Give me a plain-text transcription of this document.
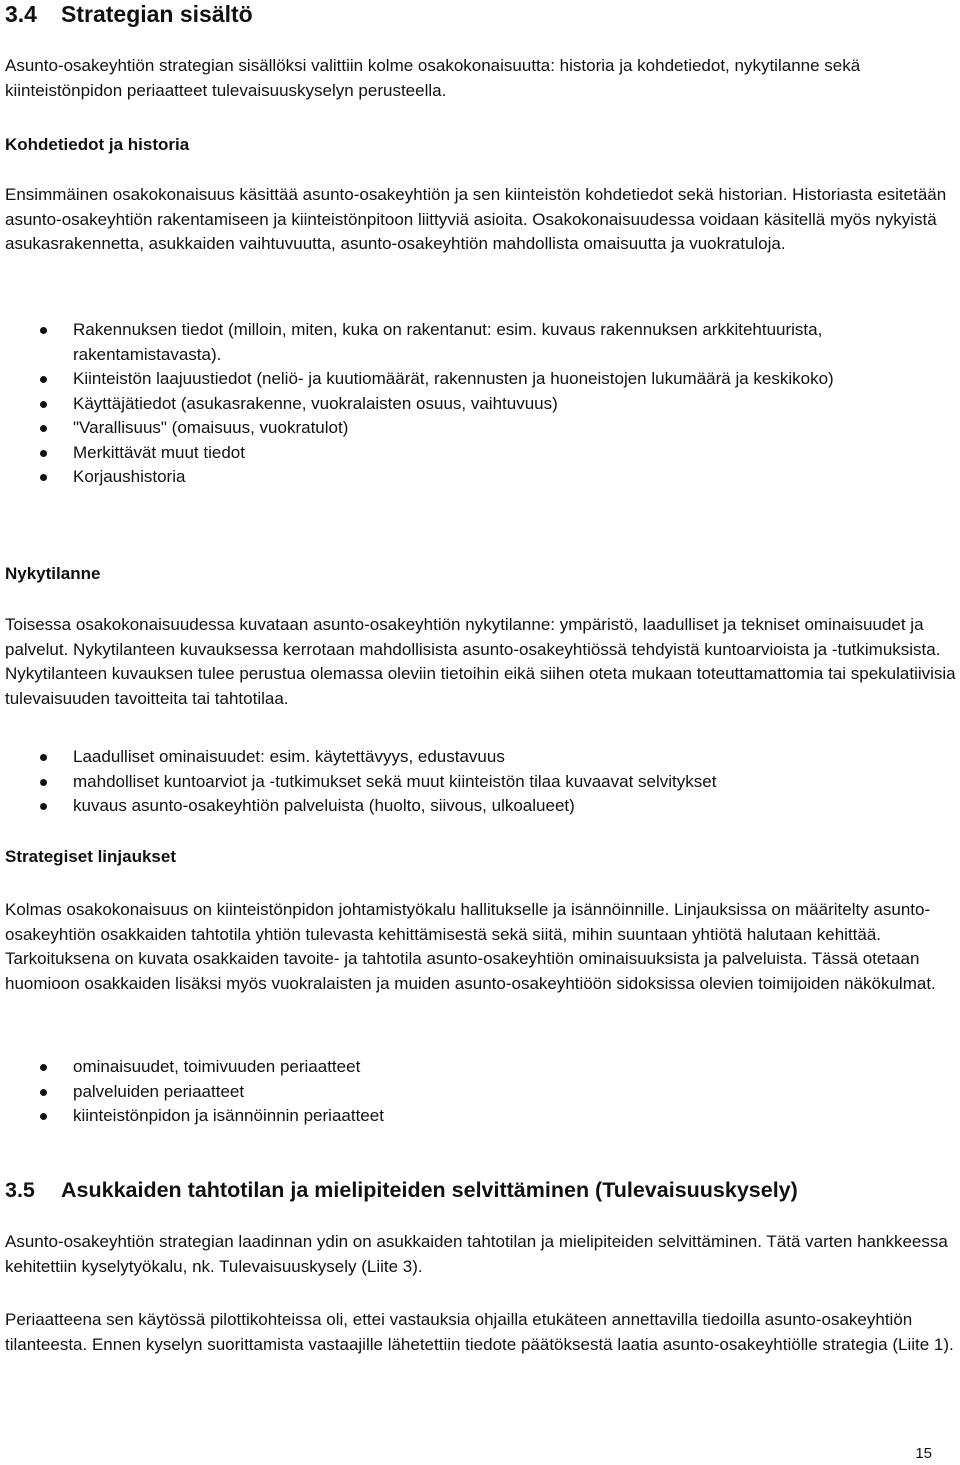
3.4 Strategian sisältö

Asunto-osakeyhtiön strategian sisällöksi valittiin kolme osakokonaisuutta: historia ja kohdetiedot, nykytilanne sekä kiinteistönpidon periaatteet tulevaisuuskyselyn perusteella.

Kohdetiedot ja historia

Ensimmäinen osakokonaisuus käsittää asunto-osakeyhtiön ja sen kiinteistön kohdetiedot sekä historian. Historiasta esitetään asunto-osakeyhtiön rakentamiseen ja kiinteistönpitoon liittyviä asioita. Osakokonaisuudessa voidaan käsitellä myös nykyistä asukasrakennetta, asukkaiden vaihtuvuutta, asunto-osakeyhtiön mahdollista omaisuutta ja vuokratuloja.

Rakennuksen tiedot (milloin, miten, kuka on rakentanut: esim. kuvaus rakennuksen arkkitehtuurista, rakentamistavasta).
Kiinteistön laajuustiedot (neliö- ja kuutiomäärät, rakennusten ja huoneistojen lukumäärä ja keskikoko)
Käyttäjätiedot (asukasrakenne, vuokralaisten osuus, vaihtuvuus)
"Varallisuus" (omaisuus, vuokratulot)
Merkittävät muut tiedot
Korjaushistoria
Nykytilanne

Toisessa osakokonaisuudessa kuvataan asunto-osakeyhtiön nykytilanne: ympäristö, laadulliset ja tekniset ominaisuudet ja palvelut. Nykytilanteen kuvauksessa kerrotaan mahdollisista asunto-osakeyhtiössä tehdyistä kuntoarvioista ja -tutkimuksista. Nykytilanteen kuvauksen tulee perustua olemassa oleviin tietoihin eikä siihen oteta mukaan toteuttamattomia tai spekulatiivisia tulevaisuuden tavoitteita tai tahtotilaa.

Laadulliset ominaisuudet: esim. käytettävyys, edustavuus
mahdolliset kuntoarviot ja -tutkimukset sekä muut kiinteistön tilaa kuvaavat selvitykset
kuvaus asunto-osakeyhtiön palveluista (huolto, siivous, ulkoalueet)
Strategiset linjaukset

Kolmas osakokonaisuus on kiinteistönpidon johtamistyökalu hallitukselle ja isännöinnille. Linjauksissa on määritelty asunto-osakeyhtiön osakkaiden tahtotila yhtiön tulevasta kehittämisestä sekä siitä, mihin suuntaan yhtiötä halutaan kehittää. Tarkoituksena on kuvata osakkaiden tavoite- ja tahtotila asunto-osakeyhtiön ominaisuuksista ja palveluista. Tässä otetaan huomioon osakkaiden lisäksi myös vuokralaisten ja muiden asunto-osakeyhtiöön sidoksissa olevien toimijoiden näkökulmat.

ominaisuudet, toimivuuden periaatteet
palveluiden periaatteet
kiinteistönpidon ja isännöinnin periaatteet
3.5 Asukkaiden tahtotilan ja mielipiteiden selvittäminen (Tulevaisuuskysely)

Asunto-osakeyhtiön strategian laadinnan ydin on asukkaiden tahtotilan ja mielipiteiden selvittäminen. Tätä varten hankkeessa kehitettiin kyselytyökalu, nk. Tulevaisuuskysely (Liite 3).

Periaatteena sen käytössä pilottikohteissa oli, ettei vastauksia ohjailla etukäteen annettavilla tiedoilla asunto-osakeyhtiön tilanteesta. Ennen kyselyn suorittamista vastaajille lähetettiin tiedote päätöksestä laatia asunto-osakeyhtiölle strategia (Liite 1).

15
